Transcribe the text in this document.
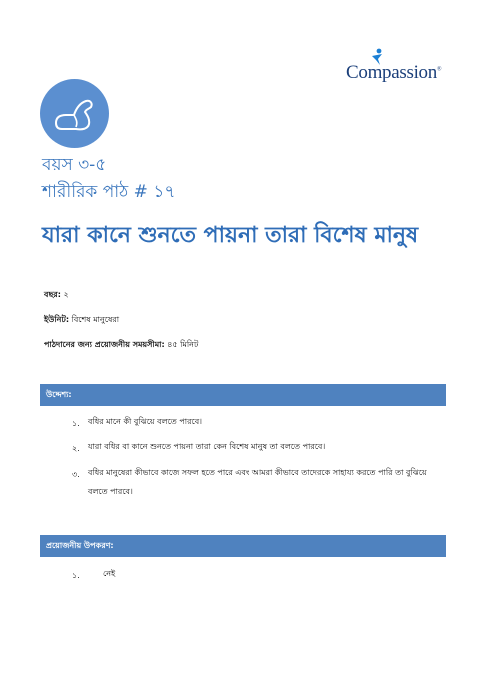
Compassion®
বয়স ৩-৫
শারীরিক পাঠ # ১৭
যারা কানে শুনতে পায়না তারা বিশেষ মানুষ
বছর: ২
ইউনিট: বিশেষ মানুষেরা
পাঠদানের জন্য প্রয়োজনীয় সময়সীমা: ৪৫ মিনিট
উদ্দেশ্য:
১. বধির মানে কী বুঝিয়ে বলতে পারবে।
২. যারা বধির বা কানে শুনতে পায়না তারা কেন বিশেষ মানুষ তা বলতে পারবে।
৩. বধির মানুষেরা কীভাবে কাজে সফল হতে পারে এবং আমরা কীভাবে তাদেরকে সাহায্য করতে পারি তা বুঝিয়ে
বলতে পারবে।
প্রয়োজনীয় উপকরণ:
১.	নেই
